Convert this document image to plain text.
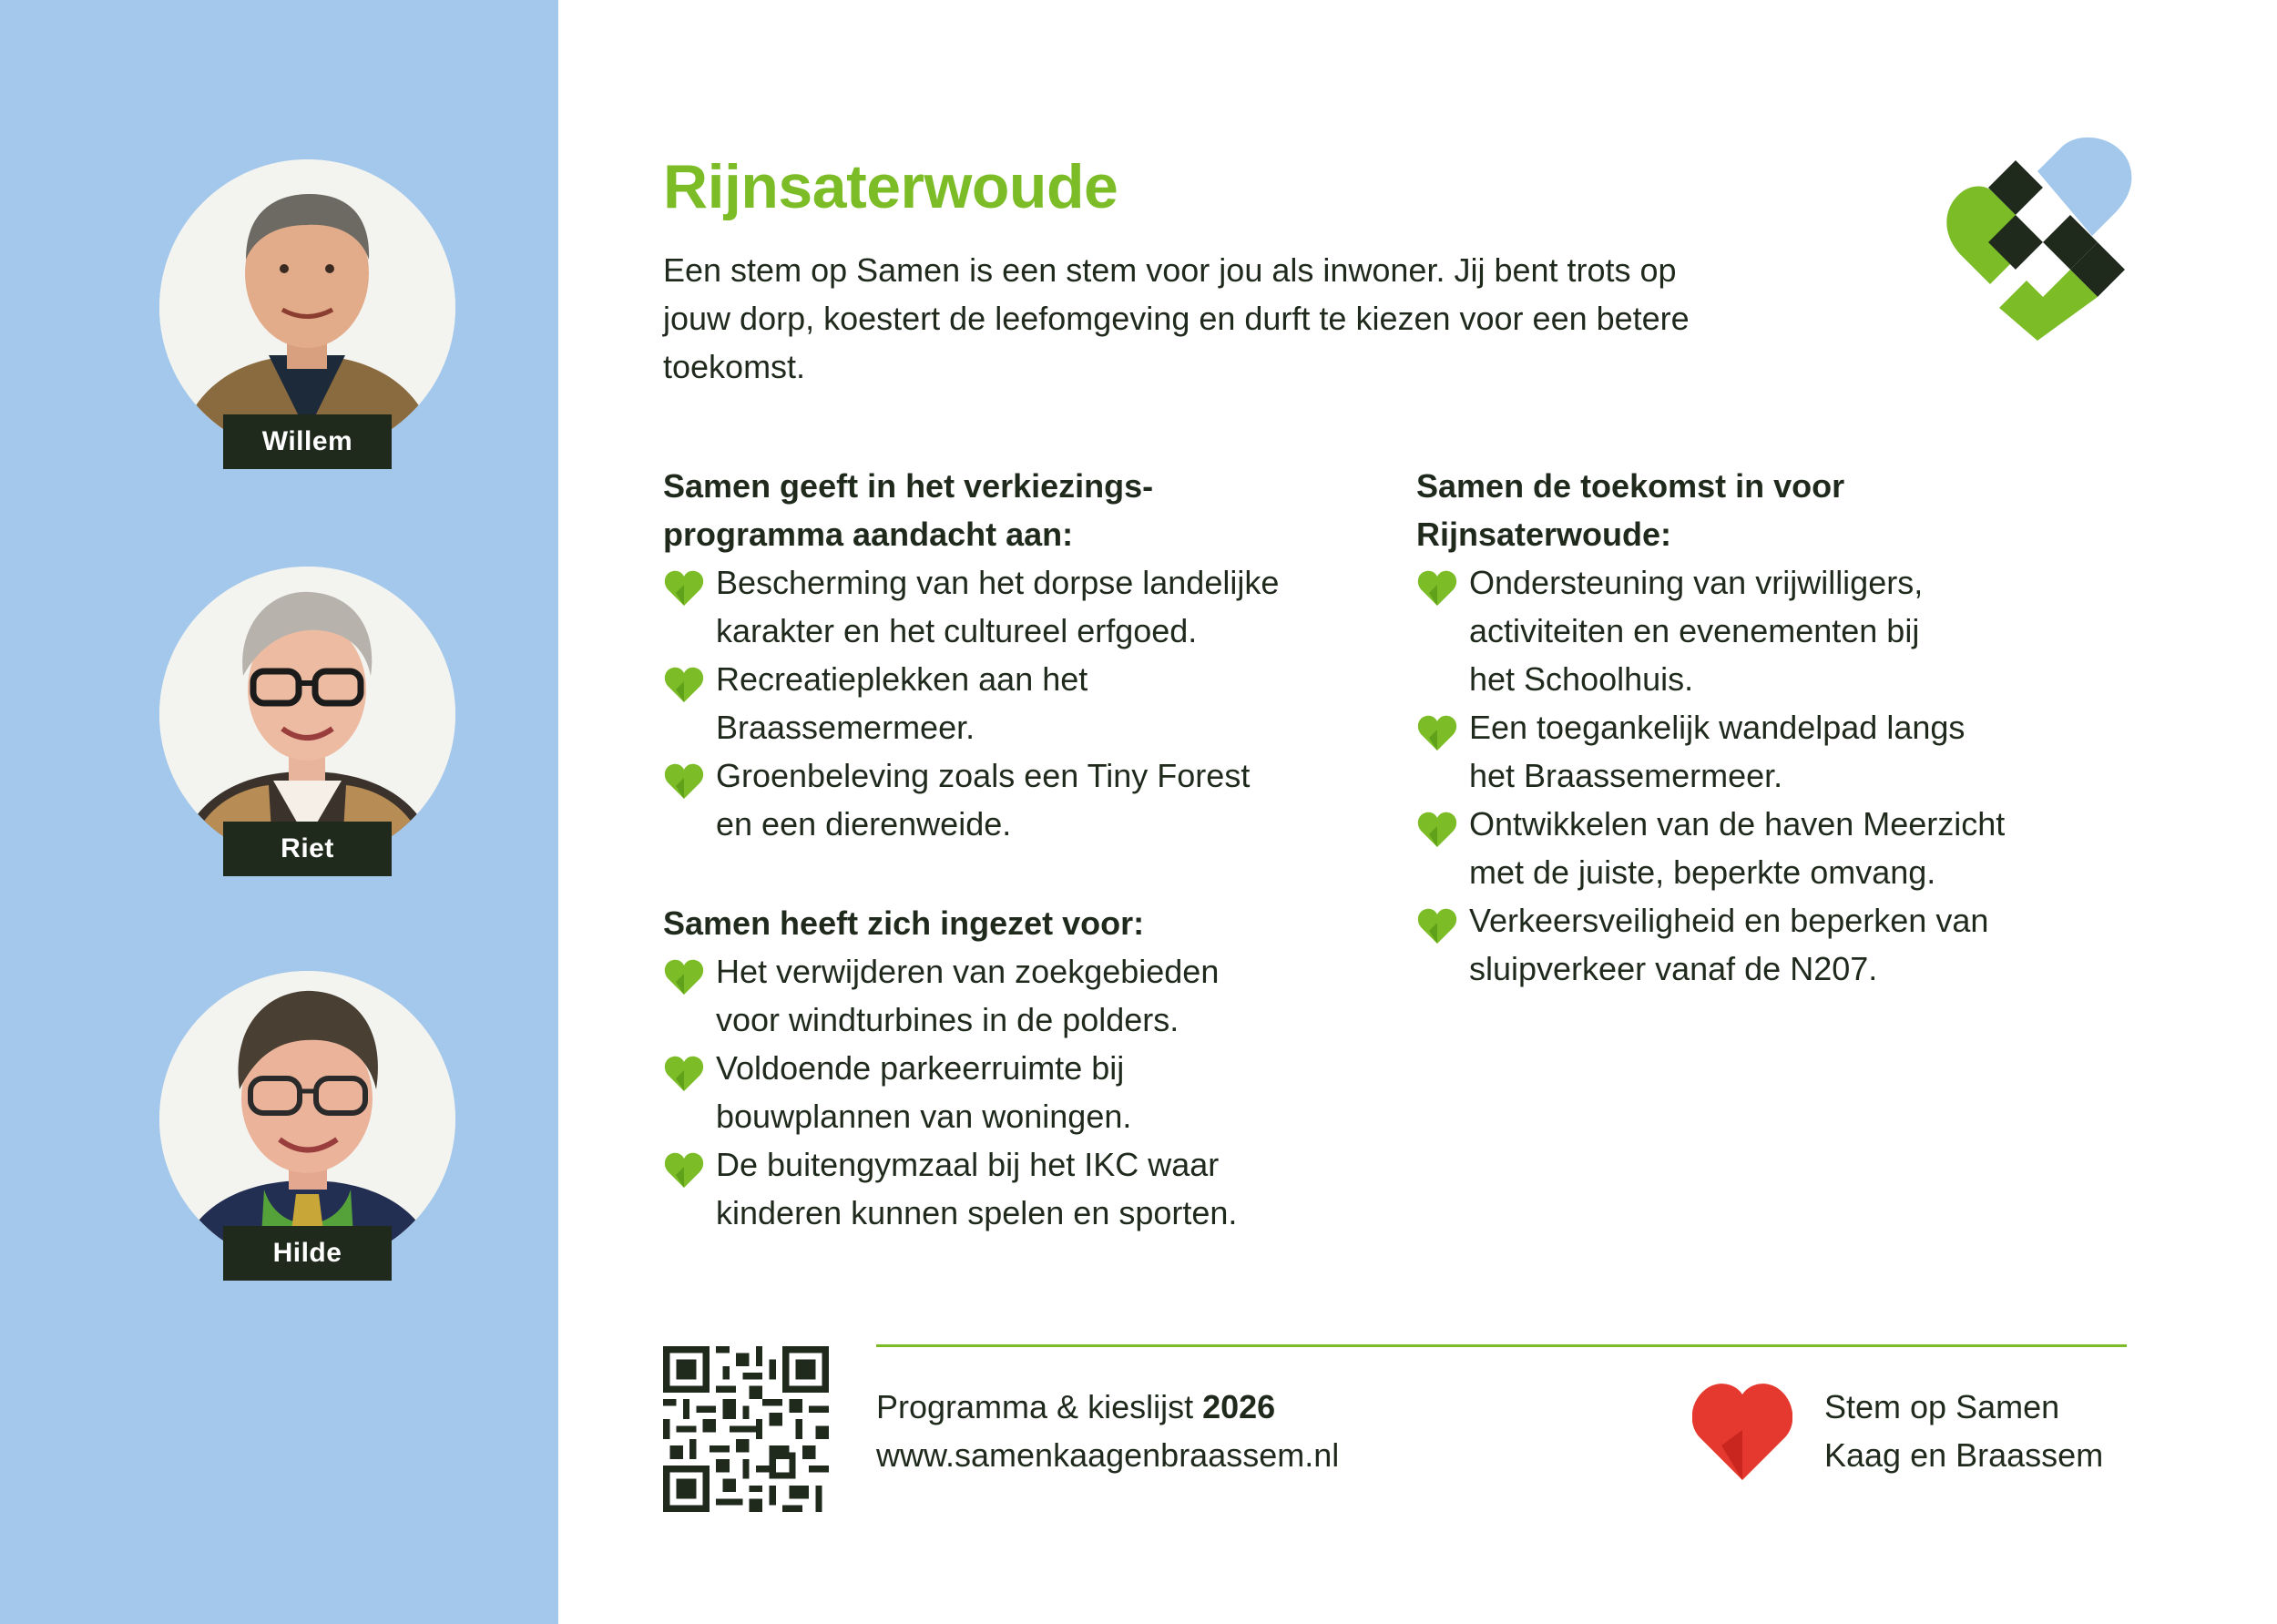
Willem
Riet
Hilde
Rijnsaterwoude
Een stem op Samen is een stem voor jou als inwoner. Jij bent trots op
jouw dorp, koestert de leefomgeving en durft te kiezen voor een betere
toekomst.
Samen geeft in het verkiezings-
programma aandacht aan:
Bescherming van het dorpse landelijke
karakter en het cultureel erfgoed.
Recreatieplekken aan het
Braassemermeer.
Groenbeleving zoals een Tiny Forest
en een dierenweide.
Samen heeft zich ingezet voor:
Het verwijderen van zoekgebieden
voor windturbines in de polders.
Voldoende parkeerruimte bij
bouwplannen van woningen.
De buitengymzaal bij het IKC waar
kinderen kunnen spelen en sporten.
Samen de toekomst in voor
Rijnsaterwoude:
Ondersteuning van vrijwilligers,
activiteiten en evenementen bij
het Schoolhuis.
Een toegankelijk wandelpad langs
het Braassemermeer.
Ontwikkelen van de haven Meerzicht
met de juiste, beperkte omvang.
Verkeersveiligheid en beperken van
sluipverkeer vanaf de N207.
Programma & kieslijst 2026
www.samenkaagenbraassem.nl
Stem op Samen
Kaag en Braassem
